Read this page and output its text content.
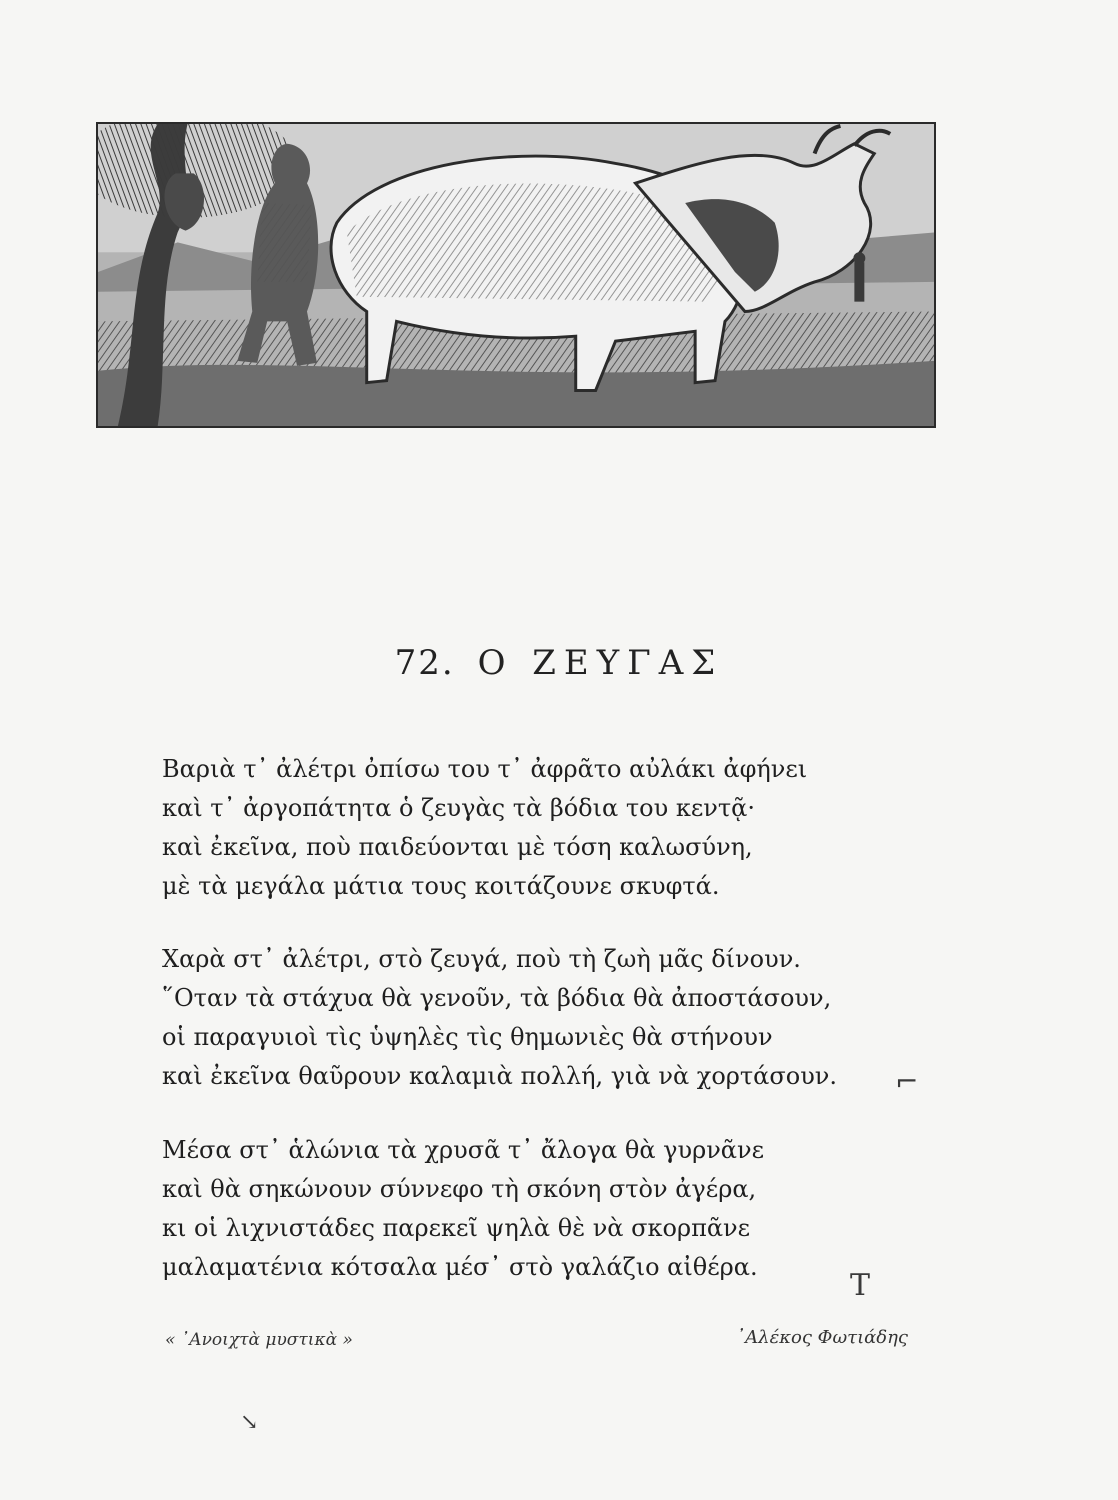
72. Ο ΖΕΥΓΑΣ
Βαριὰ τ᾿ ἀλέτρι ὀπίσω του τ᾿ ἀφρᾶτο αὐλάκι ἀφήνει
καὶ τ᾿ ἀργοπάτητα ὁ ζευγὰς τὰ βόδια του κεντᾷ·
καὶ ἐκεῖνα, ποὺ παιδεύονται μὲ τόση καλωσύνη,
μὲ τὰ μεγάλα μάτια τους κοιτάζουνε σκυφτά.
Χαρὰ στ᾿ ἀλέτρι, στὸ ζευγά, ποὺ τὴ ζωὴ μᾶς δίνουν.
῞Οταν τὰ στάχυα θὰ γενοῦν, τὰ βόδια θὰ ἀποστάσουν,
οἱ παραγυιοὶ τὶς ὑψηλὲς τὶς θημωνιὲς θὰ στήνουν
καὶ ἐκεῖνα θαῦρουν καλαμιὰ πολλή, γιὰ νὰ χορτάσουν.
Μέσα στ᾿ ἁλώνια τὰ χρυσᾶ τ᾿ ἄλογα θὰ γυρνᾶνε
καὶ θὰ σηκώνουν σύννεφο τὴ σκόνη στὸν ἀγέρα,
κι οἱ λιχνιστάδες παρεκεῖ ψηλὰ θὲ νὰ σκορπᾶνε
μαλαματένια κότσαλα μέσ᾿ στὸ γαλάζιο αἰθέρα.
« ᾿Ανοιχτὰ μυστικὰ »	᾿Αλέκος Φωτιάδης
⌐
T
↘
